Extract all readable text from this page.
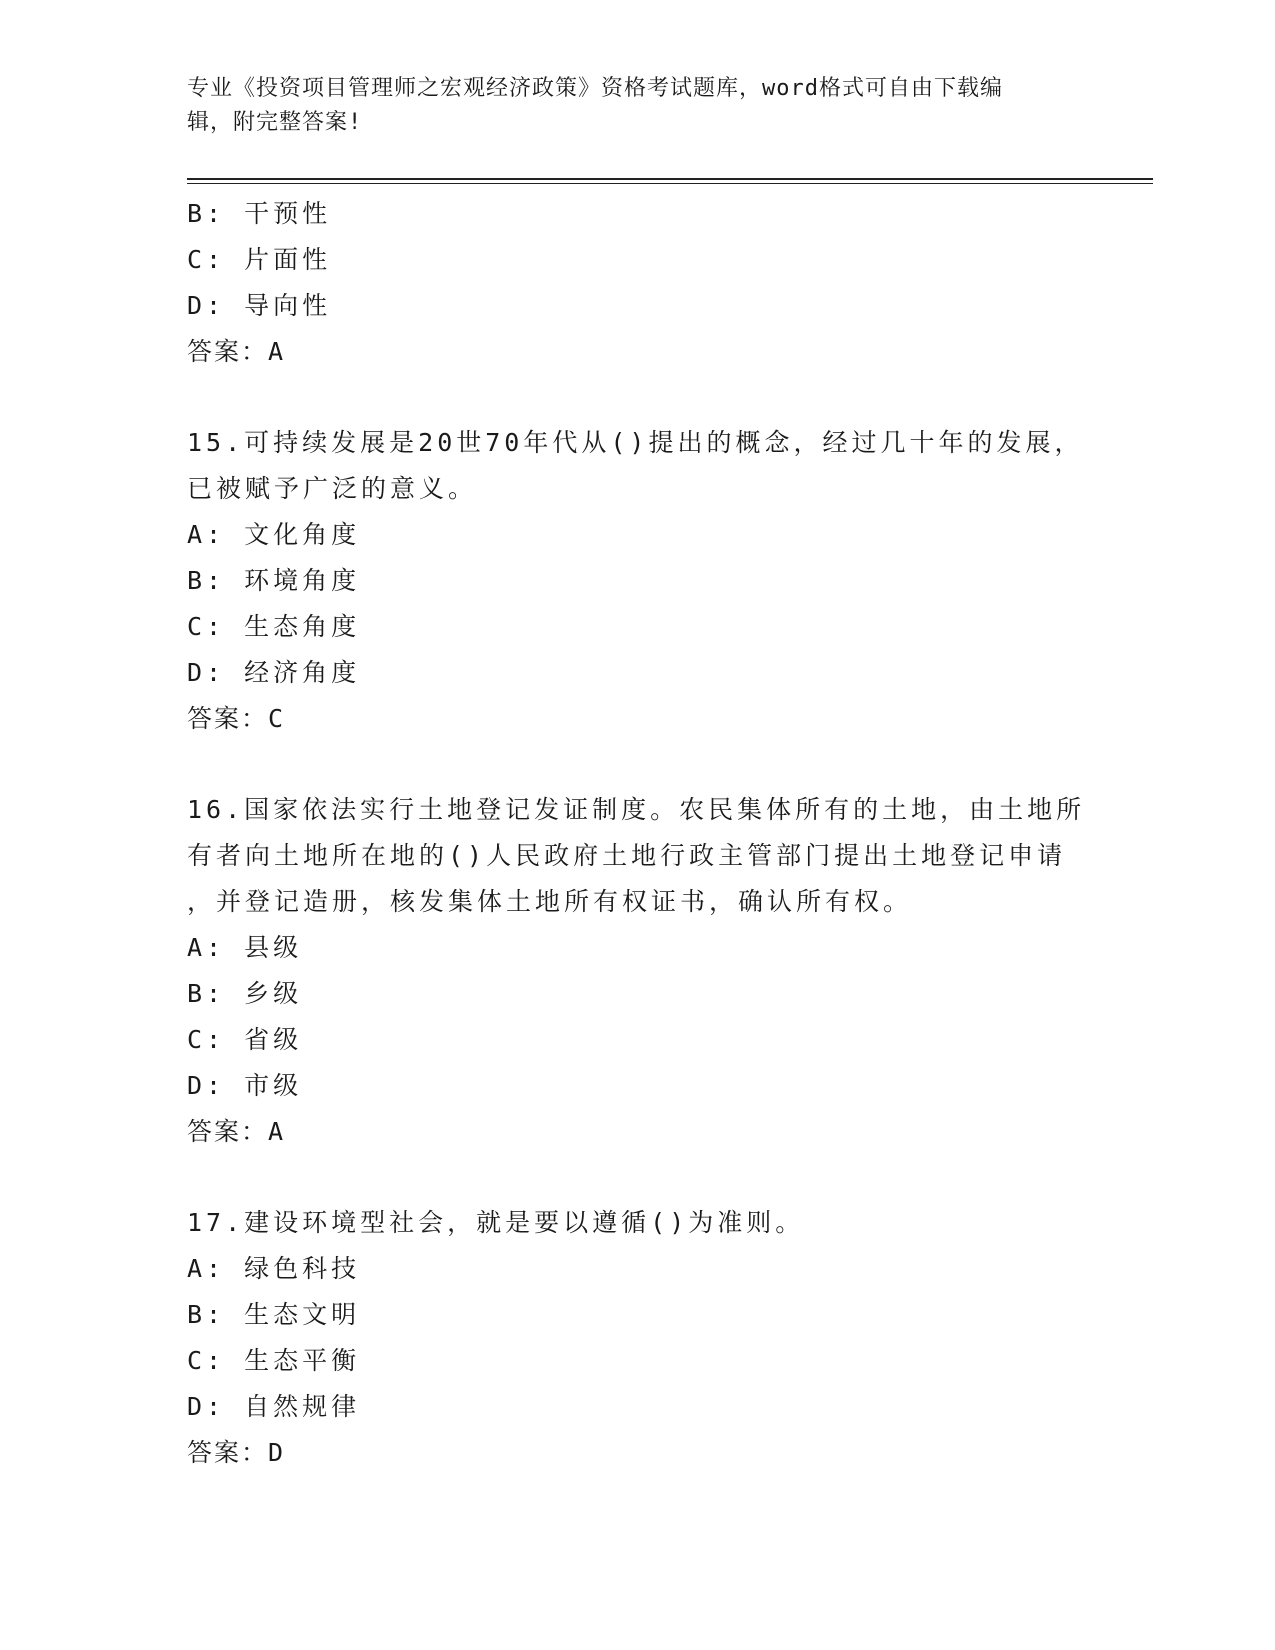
专业《投资项目管理师之宏观经济政策》资格考试题库，word格式可自由下载编
辑，附完整答案!
B: 干预性
C: 片面性
D: 导向性
答案：A
15.可持续发展是20世70年代从()提出的概念，经过几十年的发展，
已被赋予广泛的意义。
A: 文化角度
B: 环境角度
C: 生态角度
D: 经济角度
答案：C
16.国家依法实行土地登记发证制度。农民集体所有的土地，由土地所
有者向土地所在地的()人民政府土地行政主管部门提出土地登记申请
，并登记造册，核发集体土地所有权证书，确认所有权。
A: 县级
B: 乡级
C: 省级
D: 市级
答案：A
17.建设环境型社会，就是要以遵循()为准则。
A: 绿色科技
B: 生态文明
C: 生态平衡
D: 自然规律
答案：D
